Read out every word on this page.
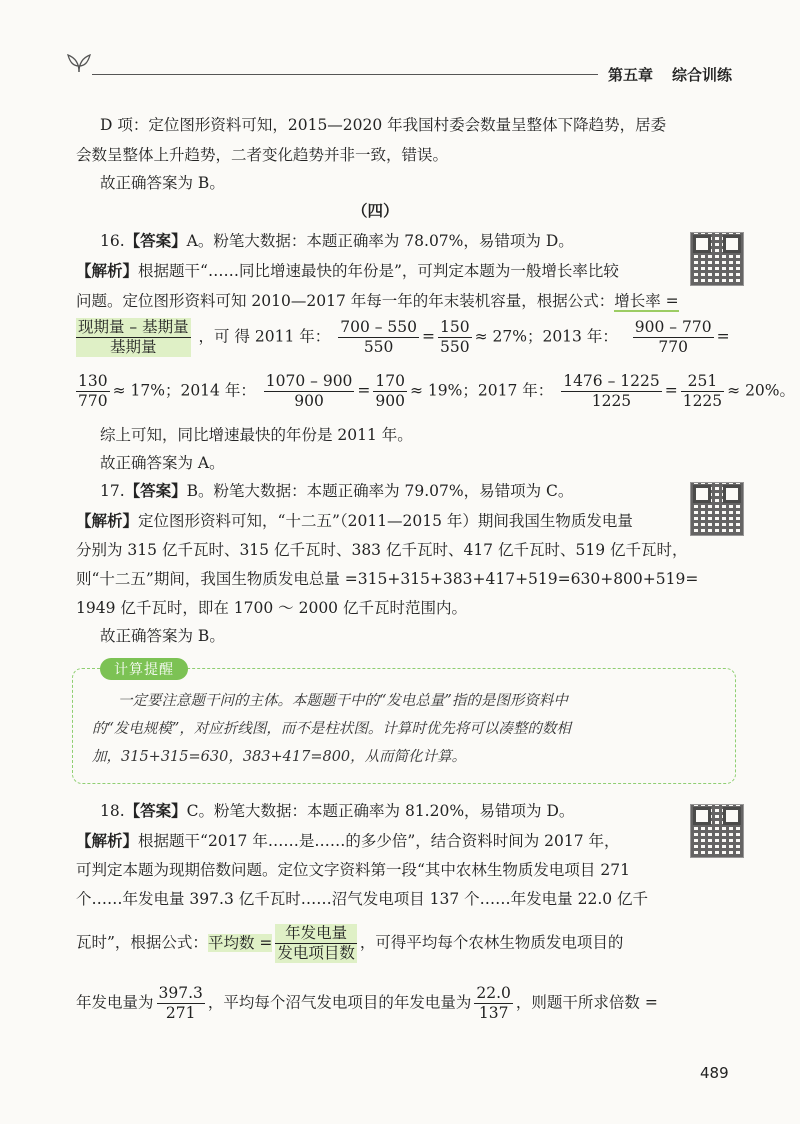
第五章 综合训练
D 项：定位图形资料可知，2015—2020 年我国村委会数量呈整体下降趋势，居委
会数呈整体上升趋势，二者变化趋势并非一致，错误。
故正确答案为 B。
（四）
16.【答案】A。粉笔大数据：本题正确率为 78.07%，易错项为 D。
【解析】根据题干“……同比增速最快的年份是”，可判定本题为一般增长率比较
问题。定位图形资料可知 2010—2017 年每一年的年末装机容量，根据公式：增长率 =
$\frac{\text{现期量 – 基期量}}{\text{基期量}}$ ，可 得 2011 年： $\frac{700 - 550}{550} = \frac{150}{550} \approx 27\%$；2013 年： $\frac{900 - 770}{770}$ =
$\frac{130}{770} \approx 17\%$；2014 年： $\frac{1070 - 900}{900} = \frac{170}{900} \approx 19\%$；2017 年： $\frac{1476 - 1225}{1225} = \frac{251}{1225} \approx 20\%$。
综上可知，同比增速最快的年份是 2011 年。
故正确答案为 A。
17.【答案】B。粉笔大数据：本题正确率为 79.07%，易错项为 C。
【解析】定位图形资料可知，“十二五”（2011—2015 年）期间我国生物质发电量
分别为 315 亿千瓦时、315 亿千瓦时、383 亿千瓦时、417 亿千瓦时、519 亿千瓦时，
则“十二五”期间，我国生物质发电总量 =315+315+383+417+519=630+800+519=
1949 亿千瓦时，即在 1700 ～ 2000 亿千瓦时范围内。
故正确答案为 B。
计算提醒
一定要注意题干问的主体。本题题干中的“发电总量”指的是图形资料中
的“发电规模”，对应折线图，而不是柱状图。计算时优先将可以凑整的数相
加，315+315=630，383+417=800，从而简化计算。
18.【答案】C。粉笔大数据：本题正确率为 81.20%，易错项为 D。
【解析】根据题干“2017 年……是……的多少倍”，结合资料时间为 2017 年，
可判定本题为现期倍数问题。定位文字资料第一段“其中农林生物质发电项目 271
个……年发电量 397.3 亿千瓦时……沼气发电项目 137 个……年发电量 22.0 亿千
瓦时”，根据公式：平均数 = $\frac{\text{年发电量}}{\text{发电项目数}}$ ，可得平均每个农林生物质发电项目的
年发电量为 $\frac{397.3}{271}$ ，平均每个沼气发电项目的年发电量为 $\frac{22.0}{137}$ ，则题干所求倍数 =
489
